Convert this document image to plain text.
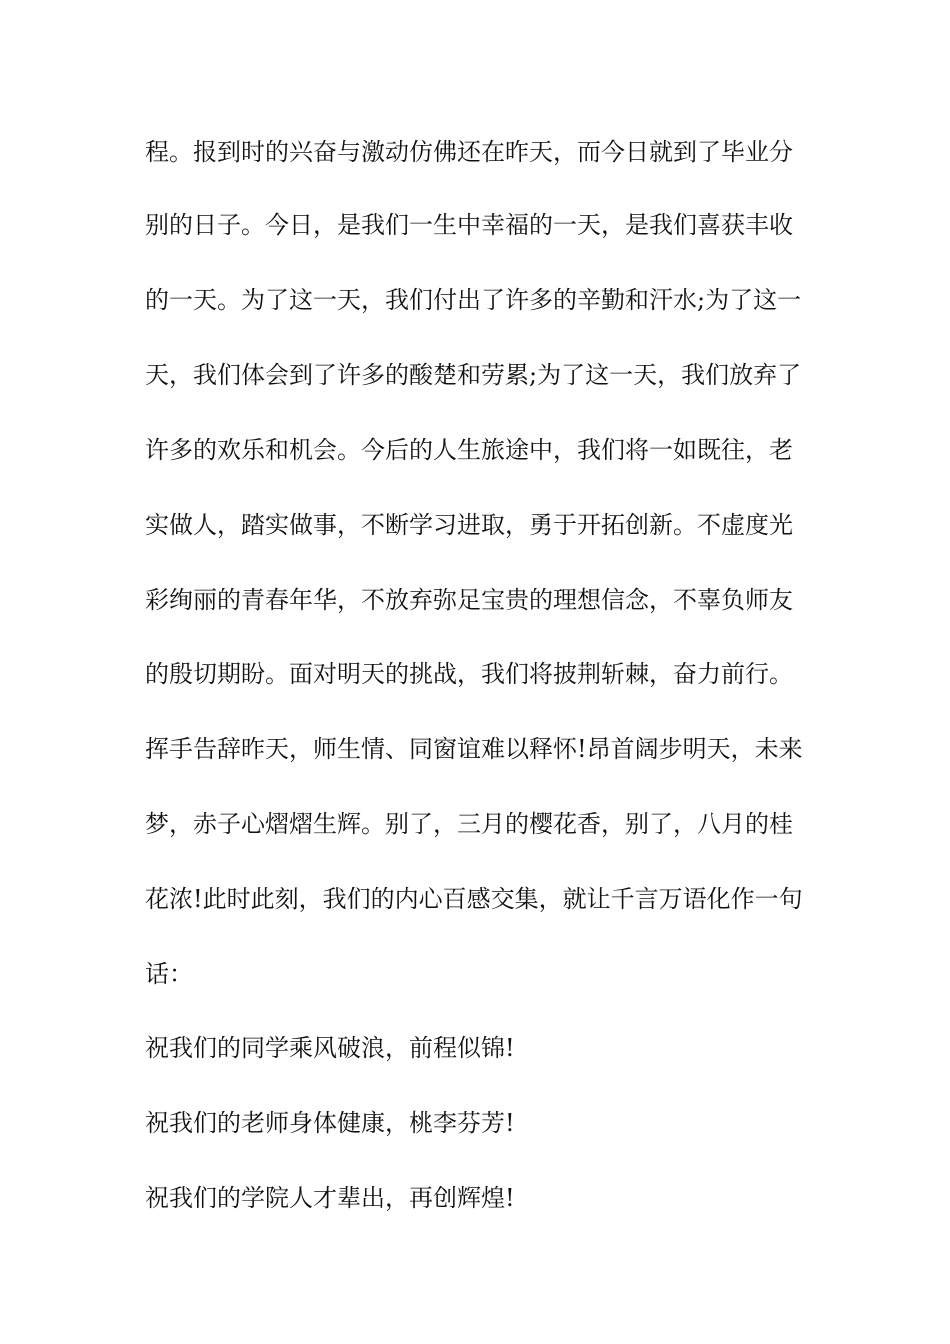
程。报到时的兴奋与激动仿佛还在昨天，而今日就到了毕业分
别的日子。今日，是我们一生中幸福的一天，是我们喜获丰收
的一天。为了这一天，我们付出了许多的辛勤和汗水;为了这一
天，我们体会到了许多的酸楚和劳累;为了这一天，我们放弃了
许多的欢乐和机会。今后的人生旅途中，我们将一如既往，老
实做人，踏实做事，不断学习进取，勇于开拓创新。不虚度光
彩绚丽的青春年华，不放弃弥足宝贵的理想信念，不辜负师友
的殷切期盼。面对明天的挑战，我们将披荆斩棘，奋力前行。
挥手告辞昨天，师生情、同窗谊难以释怀!昂首阔步明天，未来
梦，赤子心熠熠生辉。别了，三月的樱花香，别了，八月的桂
花浓!此时此刻，我们的内心百感交集，就让千言万语化作一句
话：
祝我们的同学乘风破浪，前程似锦!
祝我们的老师身体健康，桃李芬芳!
祝我们的学院人才辈出，再创辉煌!
